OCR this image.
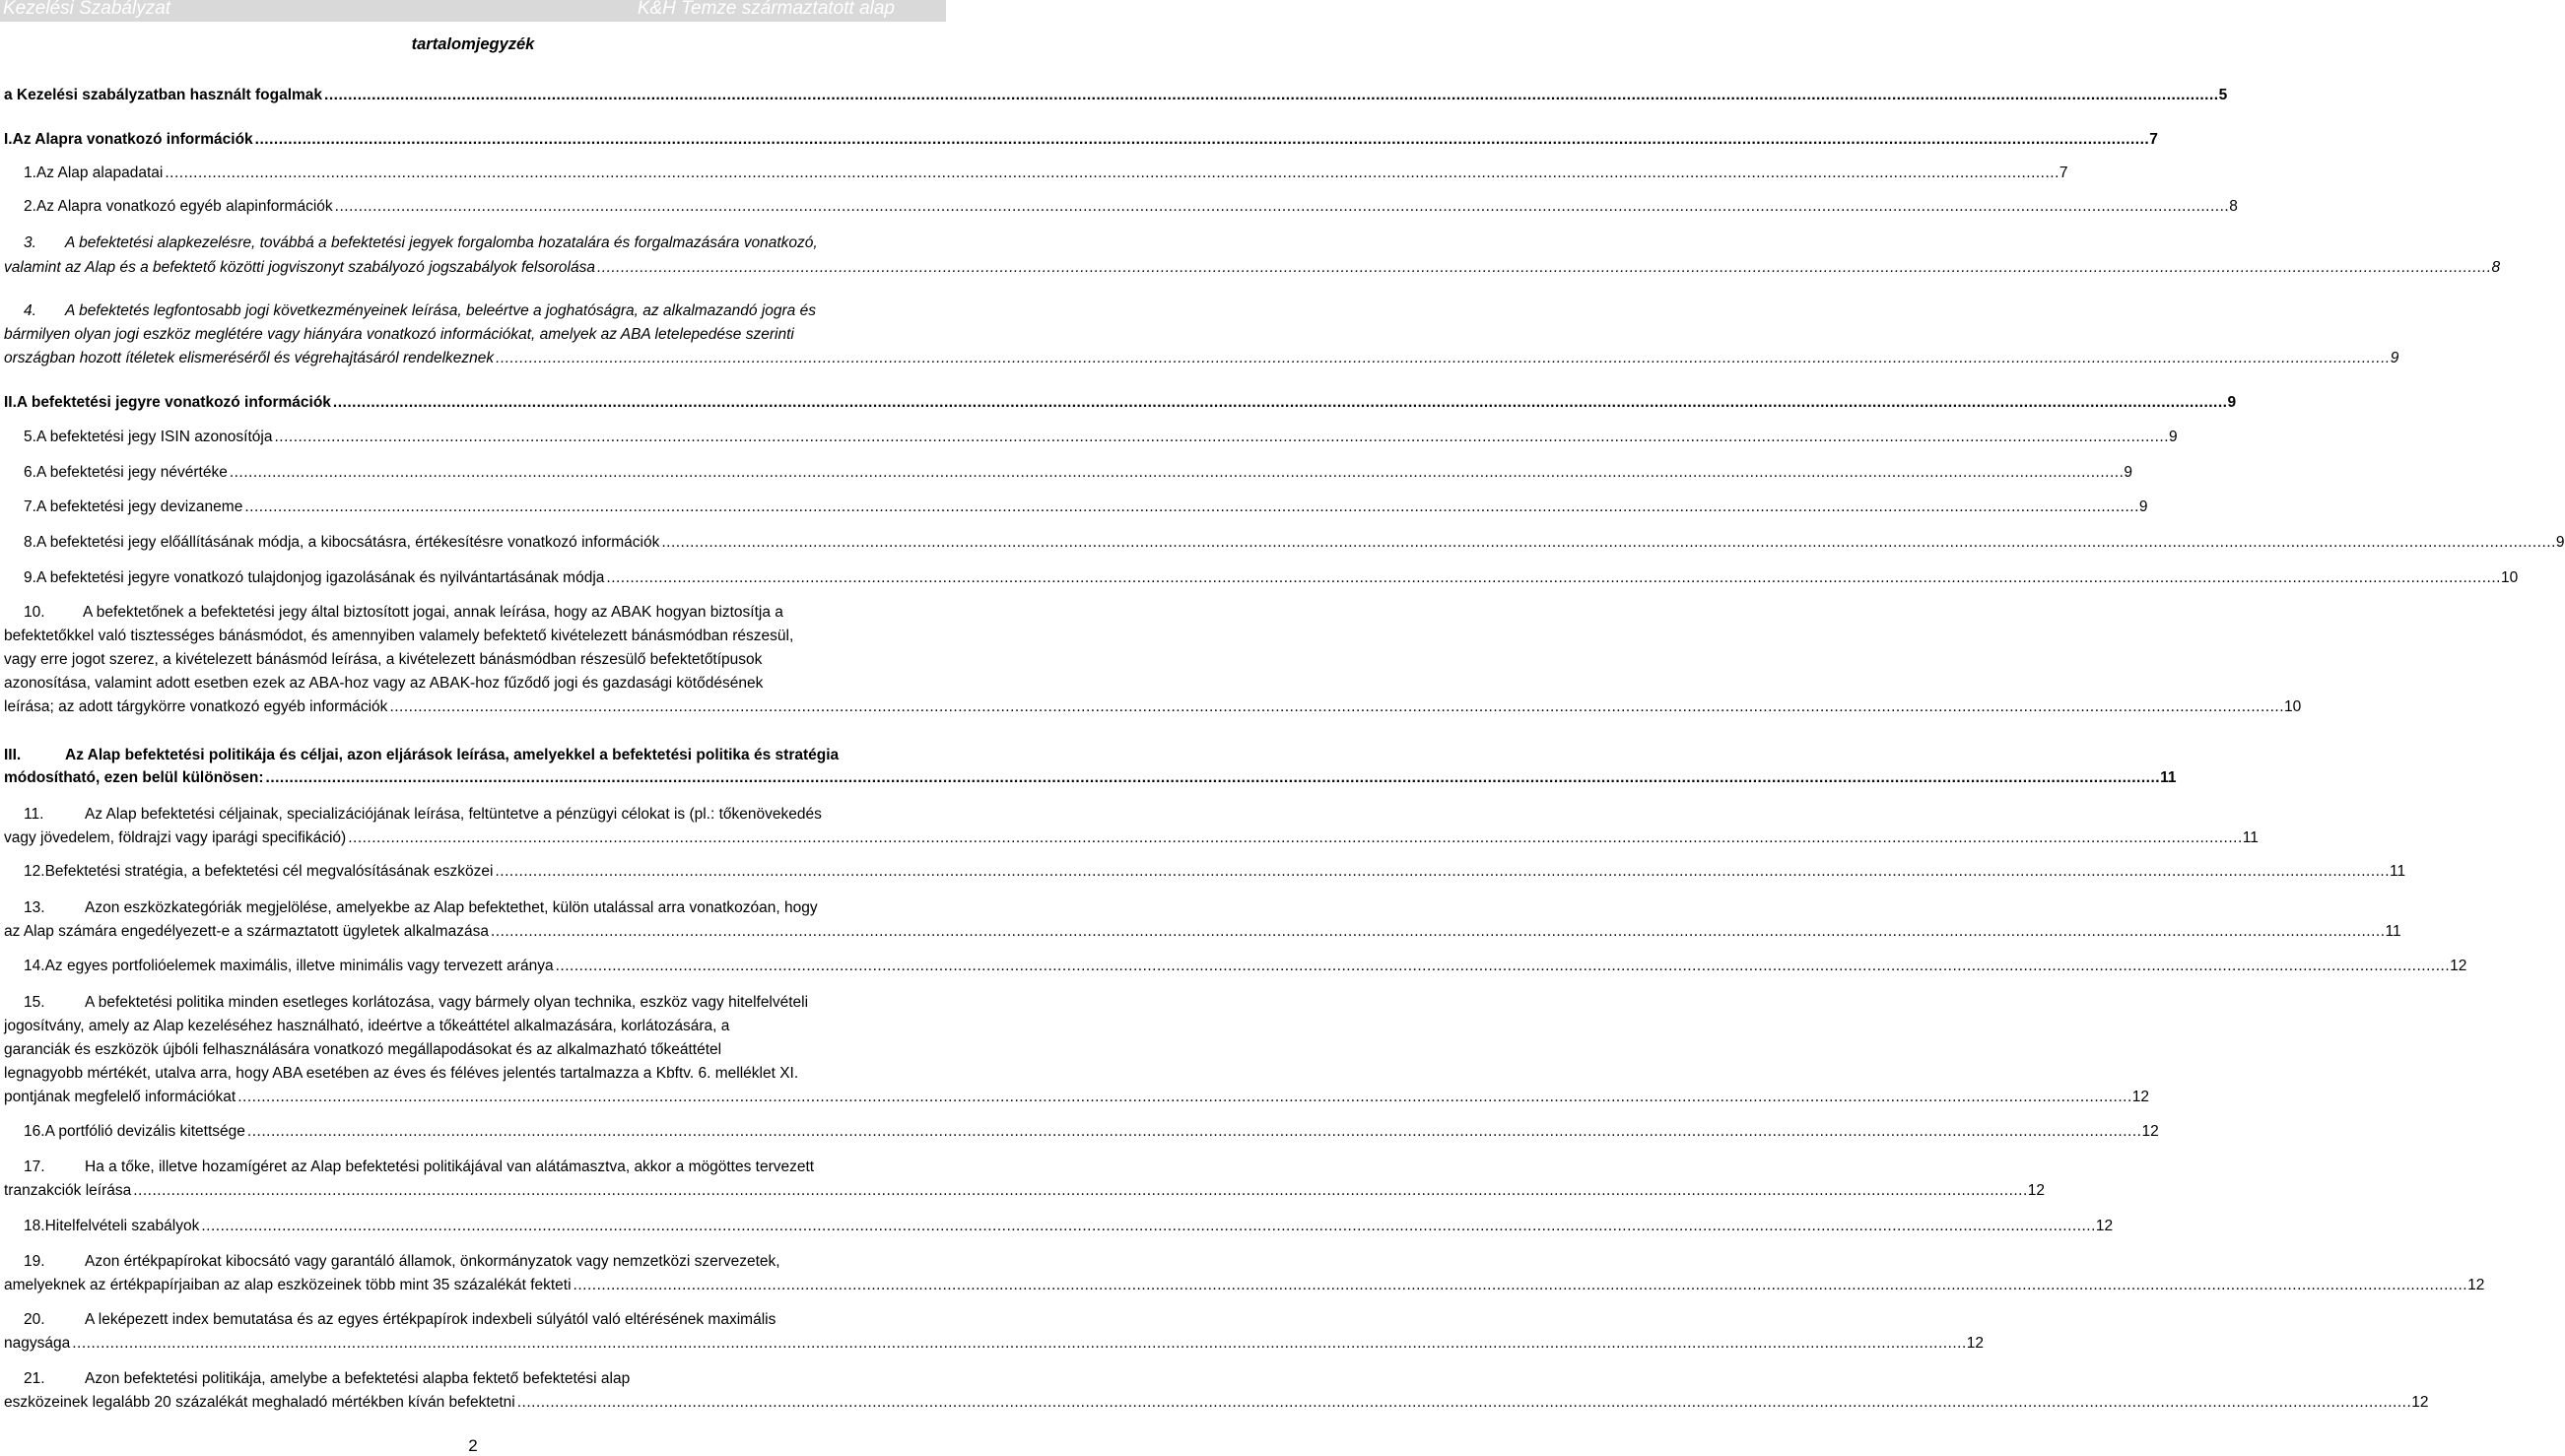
Kezelési Szabályzat	K&H Temze származtatott alap
tartalomjegyzék
a Kezelési szabályzatban használt fogalmak ................................................................................................................................................................................................................................................................................................................................................................................................................ 5
I. Az Alapra vonatkozó információk ................................................................................................................................................................................................................................................................................................................................................................................................................ 7
1. Az Alap alapadatai ................................................................................................................................................................................................................................................................................................................................................................................................................ 7
2. Az Alapra vonatkozó egyéb alapinformációk ................................................................................................................................................................................................................................................................................................................................................................................................................ 8
3.	A befektetési alapkezelésre, továbbá a befektetési jegyek forgalomba hozatalára és forgalmazására vonatkozó,
valamint az Alap és a befektető közötti jogviszonyt szabályozó jogszabályok felsorolása ................................................................................................................................................................................................................................................................................................................................................................................................................ 8
4.	A befektetés legfontosabb jogi következményeinek leírása, beleértve a joghatóságra, az alkalmazandó jogra és
bármilyen olyan jogi eszköz meglétére vagy hiányára vonatkozó információkat, amelyek az ABA letelepedése szerinti
országban hozott ítéletek elismeréséről és végrehajtásáról rendelkeznek ................................................................................................................................................................................................................................................................................................................................................................................................................ 9
II. A befektetési jegyre vonatkozó információk ................................................................................................................................................................................................................................................................................................................................................................................................................ 9
5. A befektetési jegy ISIN azonosítója ................................................................................................................................................................................................................................................................................................................................................................................................................ 9
6. A befektetési jegy névértéke ................................................................................................................................................................................................................................................................................................................................................................................................................ 9
7. A befektetési jegy devizaneme ................................................................................................................................................................................................................................................................................................................................................................................................................ 9
8. A befektetési jegy előállításának módja, a kibocsátásra, értékesítésre vonatkozó információk ................................................................................................................................................................................................................................................................................................................................................................................................................ 9
9. A befektetési jegyre vonatkozó tulajdonjog igazolásának és nyilvántartásának módja ................................................................................................................................................................................................................................................................................................................................................................................................................ 10
10.	A befektetőnek a befektetési jegy által biztosított jogai, annak leírása, hogy az ABAK hogyan biztosítja a
befektetőkkel való tisztességes bánásmódot, és amennyiben valamely befektető kivételezett bánásmódban részesül,
vagy erre jogot szerez, a kivételezett bánásmód leírása, a kivételezett bánásmódban részesülő befektetőtípusok
azonosítása, valamint adott esetben ezek az ABA-hoz vagy az ABAK-hoz fűződő jogi és gazdasági kötődésének
leírása; az adott tárgykörre vonatkozó egyéb információk ................................................................................................................................................................................................................................................................................................................................................................................................................ 10
III.	Az Alap befektetési politikája és céljai, azon eljárások leírása, amelyekkel a befektetési politika és stratégia
módosítható, ezen belül különösen: ................................................................................................................................................................................................................................................................................................................................................................................................................ 11
11.	Az Alap befektetési céljainak, specializációjának leírása, feltüntetve a pénzügyi célokat is (pl.: tőkenövekedés
vagy jövedelem, földrajzi vagy iparági specifikáció) ................................................................................................................................................................................................................................................................................................................................................................................................................ 11
12. Befektetési stratégia, a befektetési cél megvalósításának eszközei ................................................................................................................................................................................................................................................................................................................................................................................................................ 11
13.	Azon eszközkategóriák megjelölése, amelyekbe az Alap befektethet, külön utalással arra vonatkozóan, hogy
az Alap számára engedélyezett-e a származtatott ügyletek alkalmazása ................................................................................................................................................................................................................................................................................................................................................................................................................ 11
14. Az egyes portfolióelemek maximális, illetve minimális vagy tervezett aránya ................................................................................................................................................................................................................................................................................................................................................................................................................ 12
15.	A befektetési politika minden esetleges korlátozása, vagy bármely olyan technika, eszköz vagy hitelfelvételi
jogosítvány, amely az Alap kezeléséhez használható, ideértve a tőkeáttétel alkalmazására, korlátozására, a
garanciák és eszközök újbóli felhasználására vonatkozó megállapodásokat és az alkalmazható tőkeáttétel
legnagyobb mértékét, utalva arra, hogy ABA esetében az éves és féléves jelentés tartalmazza a Kbftv. 6. melléklet XI.
pontjának megfelelő információkat ................................................................................................................................................................................................................................................................................................................................................................................................................ 12
16. A portfólió devizális kitettsége ................................................................................................................................................................................................................................................................................................................................................................................................................ 12
17.	Ha a tőke, illetve hozamígéret az Alap befektetési politikájával van alátámasztva, akkor a mögöttes tervezett
tranzakciók leírása ................................................................................................................................................................................................................................................................................................................................................................................................................ 12
18. Hitelfelvételi szabályok ................................................................................................................................................................................................................................................................................................................................................................................................................ 12
19.	Azon értékpapírokat kibocsátó vagy garantáló államok, önkormányzatok vagy nemzetközi szervezetek,
amelyeknek az értékpapírjaiban az alap eszközeinek több mint 35 százalékát fekteti ................................................................................................................................................................................................................................................................................................................................................................................................................ 12
20.	A leképezett index bemutatása és az egyes értékpapírok indexbeli súlyától való eltérésének maximális
nagysága ................................................................................................................................................................................................................................................................................................................................................................................................................ 12
21.	Azon befektetési politikája, amelybe a befektetési alapba fektető befektetési alap
eszközeinek legalább 20 százalékát meghaladó mértékben kíván befektetni ................................................................................................................................................................................................................................................................................................................................................................................................................ 12
2
